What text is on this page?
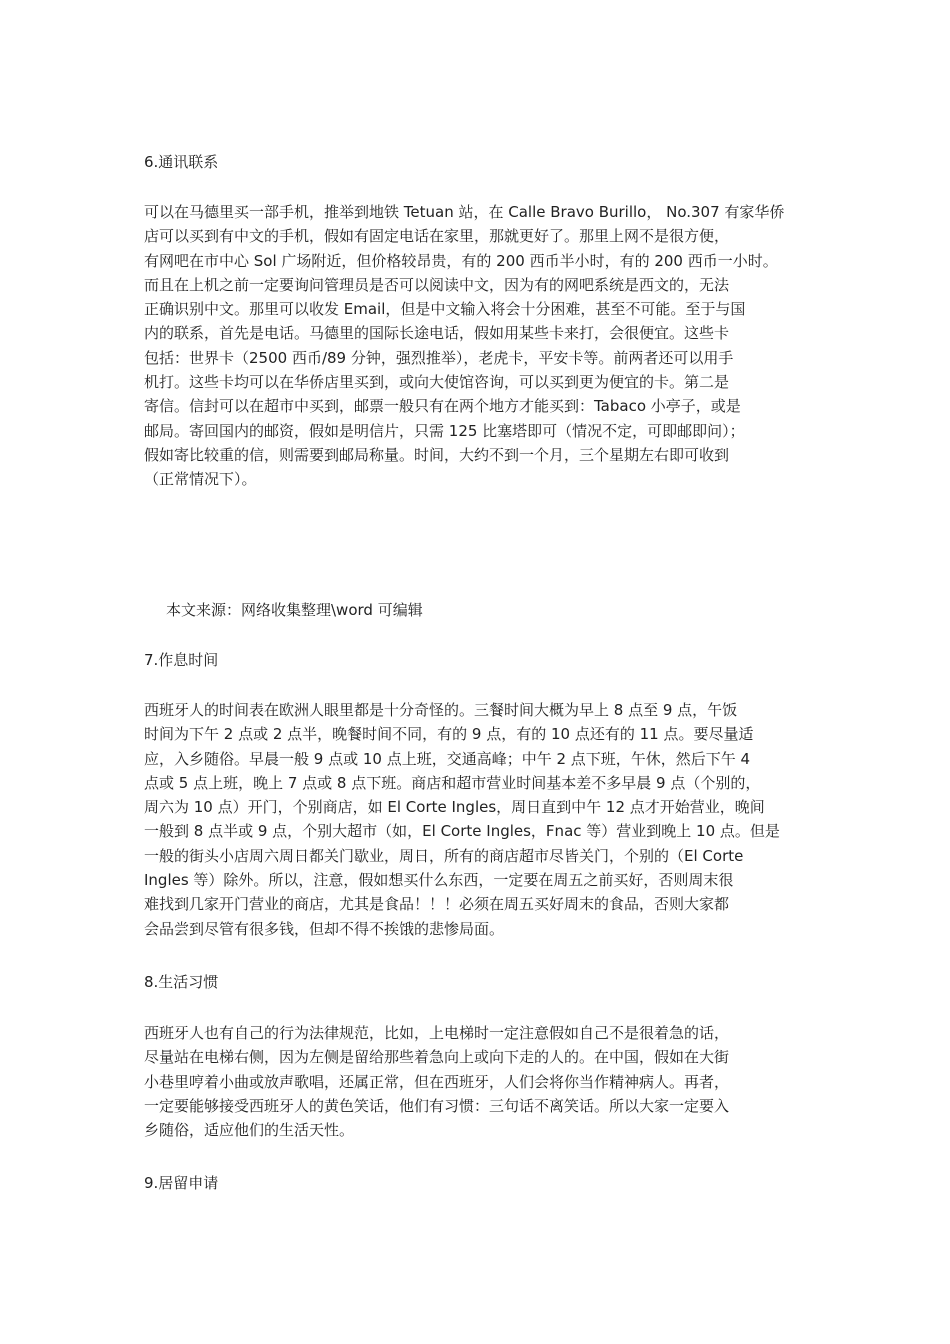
6.通讯联系
可以在马德里买一部手机，推举到地铁 Tetuan 站，在 Calle Bravo Burillo， No.307 有家华侨
店可以买到有中文的手机，假如有固定电话在家里，那就更好了。那里上网不是很方便，
有网吧在市中心 Sol 广场附近，但价格较昂贵，有的 200 西币半小时，有的 200 西币一小时。
而且在上机之前一定要询问管理员是否可以阅读中文，因为有的网吧系统是西文的，无法
正确识别中文。那里可以收发 Email，但是中文输入将会十分困难，甚至不可能。至于与国
内的联系，首先是电话。马德里的国际长途电话，假如用某些卡来打，会很便宜。这些卡
包括：世界卡（2500 西币/89 分钟，强烈推举），老虎卡，平安卡等。前两者还可以用手
机打。这些卡均可以在华侨店里买到，或向大使馆咨询，可以买到更为便宜的卡。第二是
寄信。信封可以在超市中买到，邮票一般只有在两个地方才能买到：Tabaco 小亭子，或是
邮局。寄回国内的邮资，假如是明信片，只需 125 比塞塔即可（情况不定，可即邮即问）；
假如寄比较重的信，则需要到邮局称量。时间，大约不到一个月，三个星期左右即可收到
（正常情况下）。
本文来源：网络收集整理\word 可编辑
7.作息时间
西班牙人的时间表在欧洲人眼里都是十分奇怪的。三餐时间大概为早上 8 点至 9 点，午饭
时间为下午 2 点或 2 点半，晚餐时间不同，有的 9 点，有的 10 点还有的 11 点。要尽量适
应，入乡随俗。早晨一般 9 点或 10 点上班，交通高峰；中午 2 点下班，午休，然后下午 4
点或 5 点上班，晚上 7 点或 8 点下班。商店和超市营业时间基本差不多早晨 9 点（个别的，
周六为 10 点）开门，个别商店，如 El Corte Ingles，周日直到中午 12 点才开始营业，晚间
一般到 8 点半或 9 点，个别大超市（如，El Corte Ingles，Fnac 等）营业到晚上 10 点。但是
一般的街头小店周六周日都关门歇业，周日，所有的商店超市尽皆关门，个别的（El Corte
Ingles 等）除外。所以，注意，假如想买什么东西，一定要在周五之前买好，否则周末很
难找到几家开门营业的商店，尤其是食品！！！必须在周五买好周末的食品，否则大家都
会品尝到尽管有很多钱，但却不得不挨饿的悲惨局面。
8.生活习惯
西班牙人也有自己的行为法律规范，比如，上电梯时一定注意假如自己不是很着急的话，
尽量站在电梯右侧，因为左侧是留给那些着急向上或向下走的人的。在中国，假如在大街
小巷里哼着小曲或放声歌唱，还属正常，但在西班牙，人们会将你当作精神病人。再者，
一定要能够接受西班牙人的黄色笑话，他们有习惯：三句话不离笑话。所以大家一定要入
乡随俗，适应他们的生活天性。
9.居留申请
